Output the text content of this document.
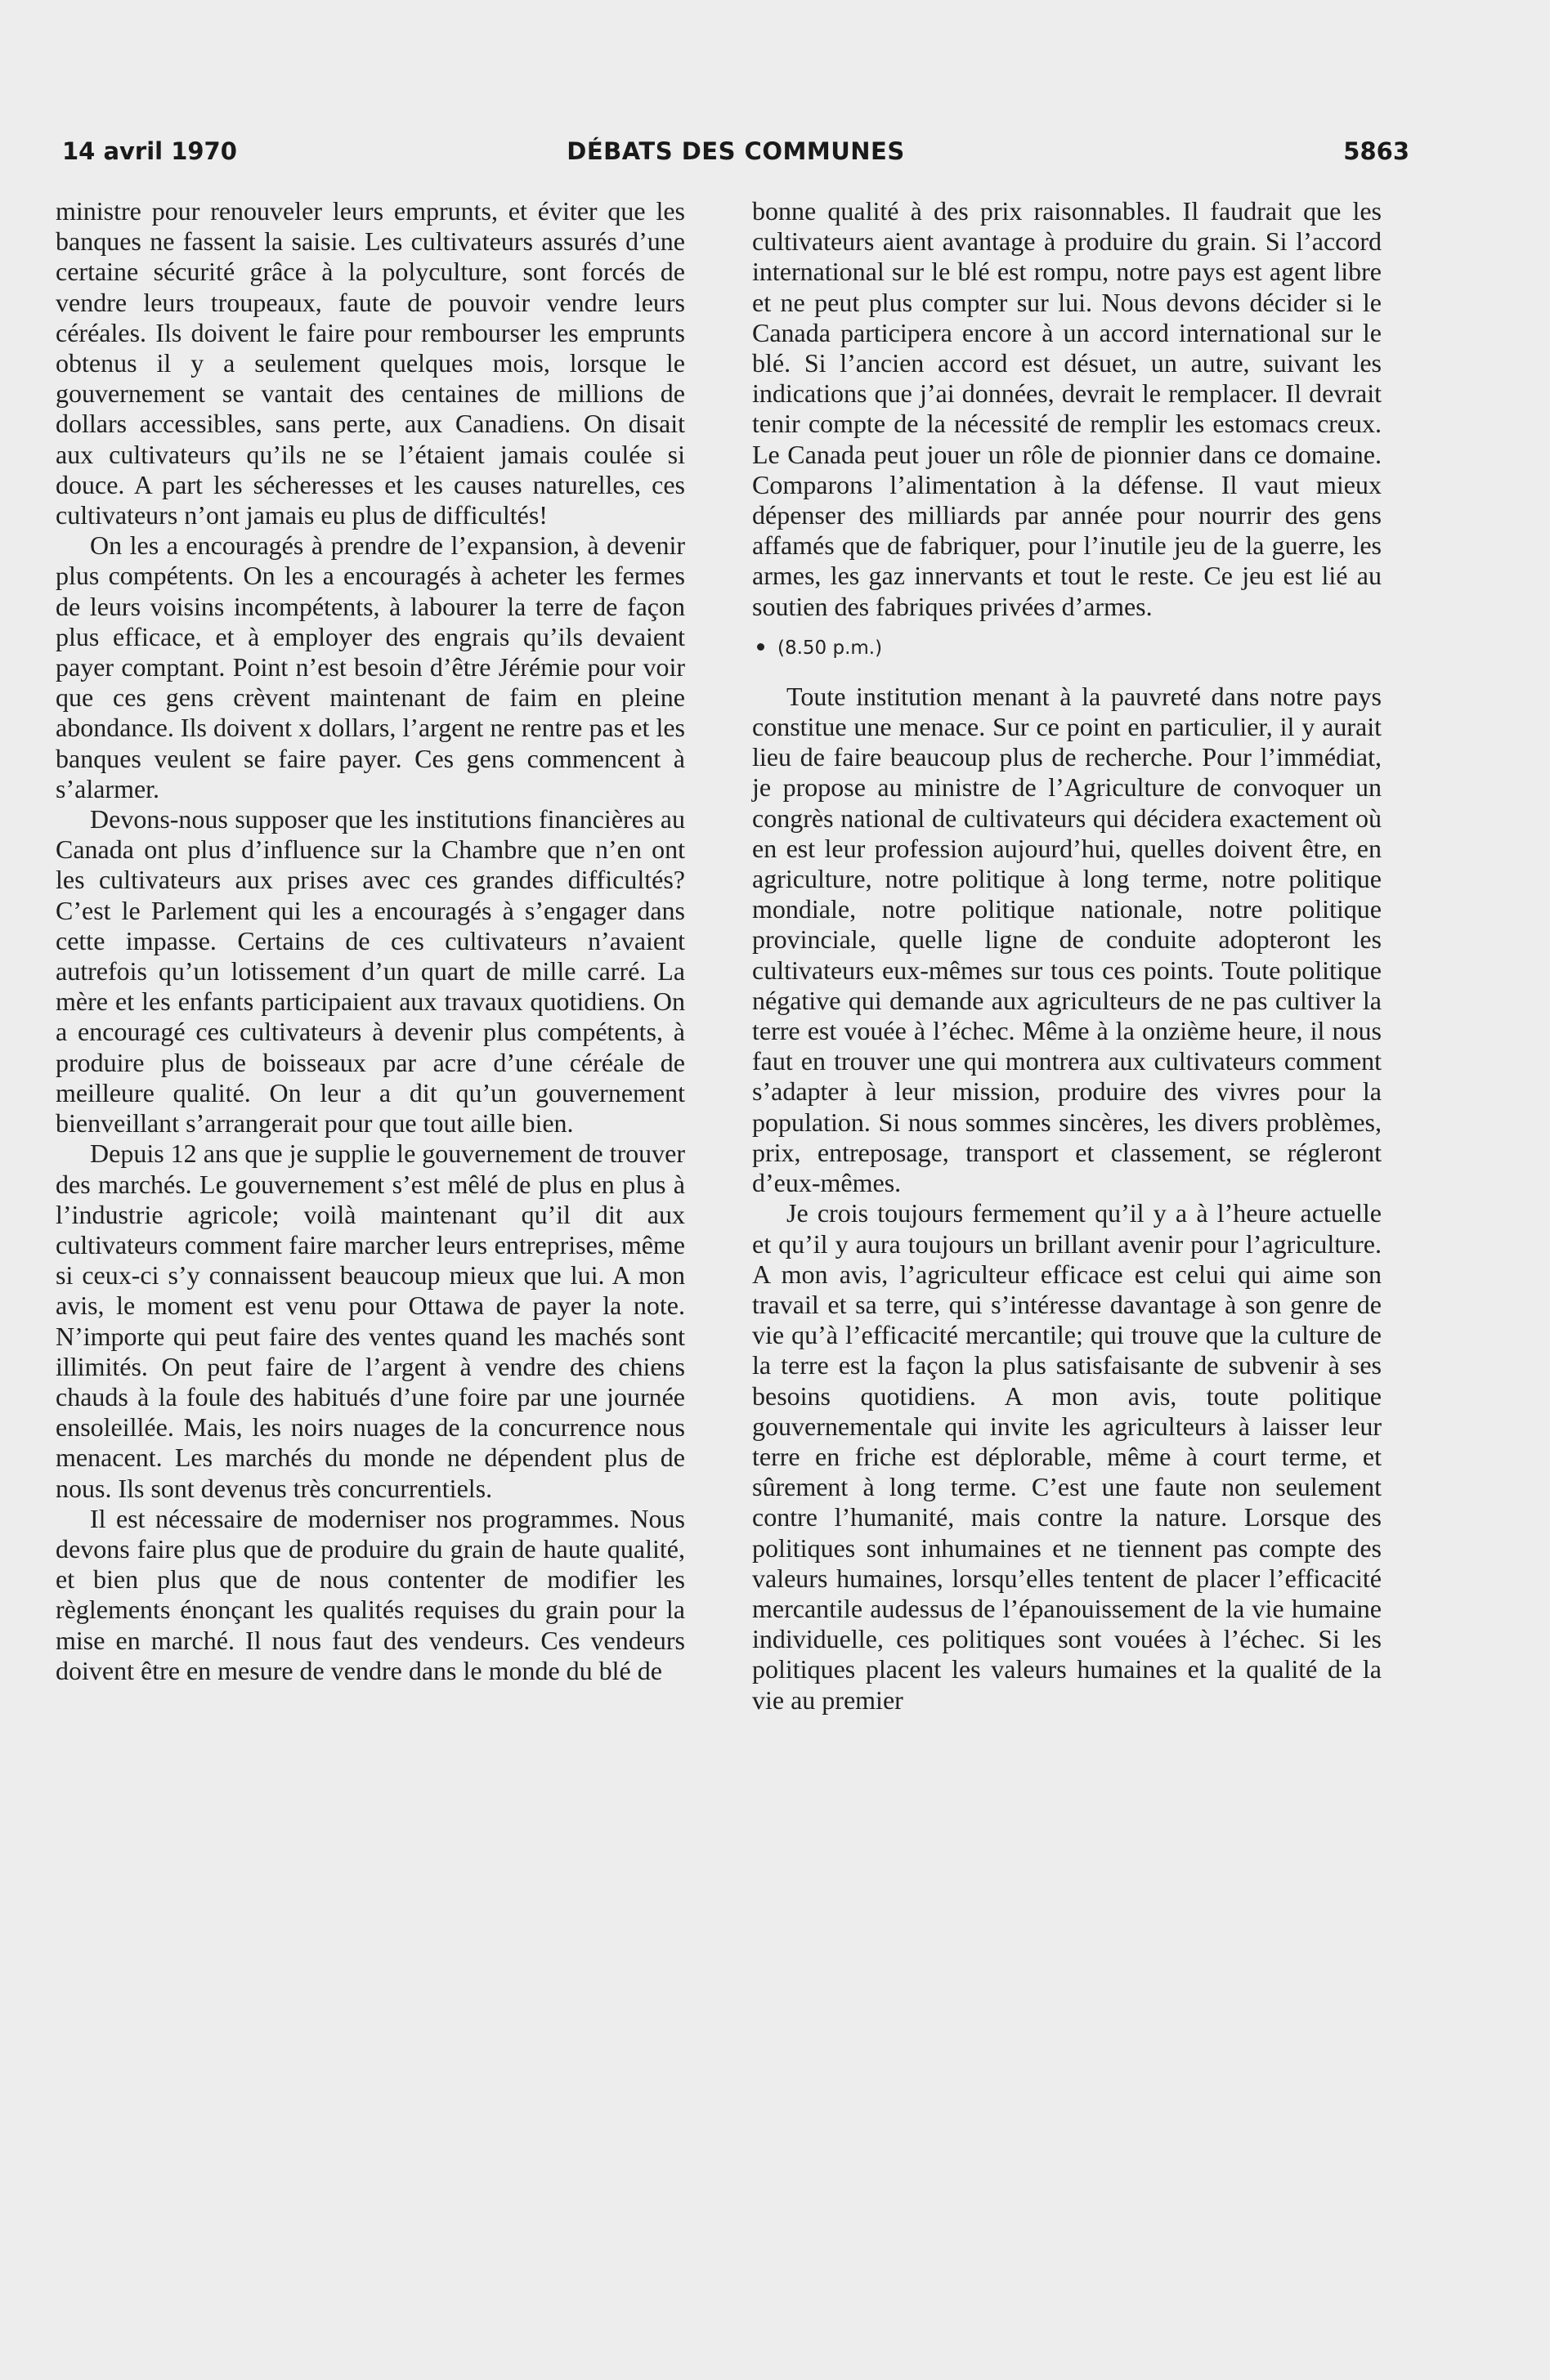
14 avril 1970	DÉBATS DES COMMUNES	5863

ministre pour renouveler leurs emprunts, et éviter que les banques ne fassent la saisie. Les cultivateurs assurés d’une certaine sécurité grâce à la polyculture, sont forcés de vendre leurs troupeaux, faute de pouvoir vendre leurs céréales. Ils doivent le faire pour rembourser les emprunts obtenus il y a seulement quelques mois, lorsque le gouvernement se vantait des centaines de millions de dollars accessibles, sans perte, aux Canadiens. On disait aux cultivateurs qu’ils ne se l’étaient jamais coulée si douce. A part les sécheresses et les causes naturelles, ces cultivateurs n’ont jamais eu plus de difficultés!

On les a encouragés à prendre de l’expansion, à devenir plus compétents. On les a encouragés à acheter les fermes de leurs voisins incompétents, à labourer la terre de façon plus efficace, et à employer des engrais qu’ils devaient payer comptant. Point n’est besoin d’être Jérémie pour voir que ces gens crèvent maintenant de faim en pleine abondance. Ils doivent x dollars, l’argent ne rentre pas et les banques veulent se faire payer. Ces gens commencent à s’alarmer.

Devons-nous supposer que les institutions financières au Canada ont plus d’influence sur la Chambre que n’en ont les cultivateurs aux prises avec ces grandes difficultés? C’est le Parlement qui les a encouragés à s’engager dans cette impasse. Certains de ces cultivateurs n’avaient autrefois qu’un lotissement d’un quart de mille carré. La mère et les enfants participaient aux travaux quotidiens. On a encouragé ces cultivateurs à devenir plus compétents, à produire plus de boisseaux par acre d’une céréale de meilleure qualité. On leur a dit qu’un gouvernement bienveillant s’arrangerait pour que tout aille bien.

Depuis 12 ans que je supplie le gouvernement de trouver des marchés. Le gouvernement s’est mêlé de plus en plus à l’industrie agricole; voilà maintenant qu’il dit aux cultivateurs comment faire marcher leurs entreprises, même si ceux-ci s’y connaissent beaucoup mieux que lui. A mon avis, le moment est venu pour Ottawa de payer la note. N’importe qui peut faire des ventes quand les machés sont illimités. On peut faire de l’argent à vendre des chiens chauds à la foule des habitués d’une foire par une journée ensoleillée. Mais, les noirs nuages de la concurrence nous menacent. Les marchés du monde ne dépendent plus de nous. Ils sont devenus très concurrentiels.

Il est nécessaire de moderniser nos programmes. Nous devons faire plus que de produire du grain de haute qualité, et bien plus que de nous contenter de modifier les règlements énonçant les qualités requises du grain pour la mise en marché. Il nous faut des vendeurs. Ces vendeurs doivent être en mesure de vendre dans le monde du blé de

bonne qualité à des prix raisonnables. Il faudrait que les cultivateurs aient avantage à produire du grain. Si l’accord international sur le blé est rompu, notre pays est agent libre et ne peut plus compter sur lui. Nous devons décider si le Canada participera encore à un accord international sur le blé. Si l’ancien accord est désuet, un autre, suivant les indications que j’ai données, devrait le remplacer. Il devrait tenir compte de la nécessité de remplir les estomacs creux. Le Canada peut jouer un rôle de pionnier dans ce domaine. Comparons l’alimentation à la défense. Il vaut mieux dépenser des milliards par année pour nourrir des gens affamés que de fabriquer, pour l’inutile jeu de la guerre, les armes, les gaz innervants et tout le reste. Ce jeu est lié au soutien des fabriques privées d’armes.

(8.50 p.m.)

Toute institution menant à la pauvreté dans notre pays constitue une menace. Sur ce point en particulier, il y aurait lieu de faire beaucoup plus de recherche. Pour l’immédiat, je propose au ministre de l’Agriculture de convoquer un congrès national de cultivateurs qui décidera exactement où en est leur profession aujourd’hui, quelles doivent être, en agriculture, notre politique à long terme, notre politique mondiale, notre politique nationale, notre politique provinciale, quelle ligne de conduite adopteront les cultivateurs eux-mêmes sur tous ces points. Toute politique négative qui demande aux agriculteurs de ne pas cultiver la terre est vouée à l’échec. Même à la onzième heure, il nous faut en trouver une qui montrera aux cultivateurs comment s’adapter à leur mission, produire des vivres pour la population. Si nous sommes sincères, les divers problèmes, prix, entreposage, transport et classement, se régleront d’eux-mêmes.

Je crois toujours fermement qu’il y a à l’heure actuelle et qu’il y aura toujours un brillant avenir pour l’agriculture. A mon avis, l’agriculteur efficace est celui qui aime son travail et sa terre, qui s’intéresse davantage à son genre de vie qu’à l’efficacité mercantile; qui trouve que la culture de la terre est la façon la plus satisfaisante de subvenir à ses besoins quotidiens. A mon avis, toute politique gouvernementale qui invite les agriculteurs à laisser leur terre en friche est déplorable, même à court terme, et sûrement à long terme. C’est une faute non seulement contre l’humanité, mais contre la nature. Lorsque des politiques sont inhumaines et ne tiennent pas compte des valeurs humaines, lorsqu’elles tentent de placer l’efficacité mercantile audessus de l’épanouissement de la vie humaine individuelle, ces politiques sont vouées à l’échec. Si les politiques placent les valeurs humaines et la qualité de la vie au premier
